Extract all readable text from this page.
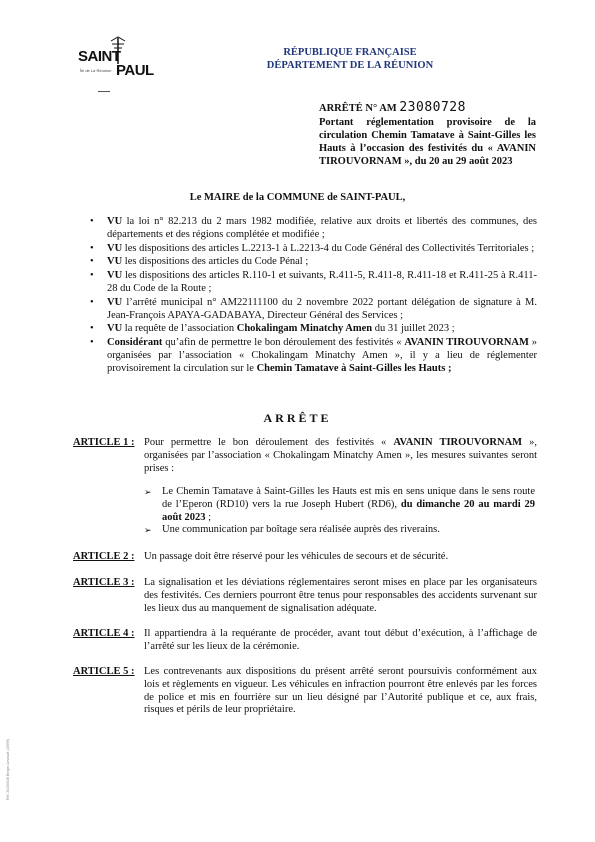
SAINT
Île de La Réunion PAUL
RÉPUBLIQUE FRANÇAISE
DÉPARTEMENT DE LA RÉUNION
ARRÊTÉ N° AM 23080728
Portant réglementation provisoire de la circulation Chemin Tamatave à Saint-Gilles les Hauts à l’occasion des festivités du « AVANIN TIROUVORNAM », du 20 au 29 août 2023
Le MAIRE de la COMMUNE de SAINT-PAUL,
• VU la loi n° 82.213 du 2 mars 1982 modifiée, relative aux droits et libertés des communes, des départements et des régions complétée et modifiée ;
• VU les dispositions des articles L.2213-1 à L.2213-4 du Code Général des Collectivités Territoriales ;
• VU les dispositions des articles du Code Pénal ;
• VU les dispositions des articles R.110-1 et suivants, R.411-5, R.411-8, R.411-18 et R.411-25 à R.411-28 du Code de la Route ;
• VU l’arrêté municipal n° AM22111100 du 2 novembre 2022 portant délégation de signature à M. Jean-François APAYA-GADABAYA, Directeur Général des Services ;
• VU la requête de l’association Chokalingam Minatchy Amen du 31 juillet 2023 ;
• Considérant qu’afin de permettre le bon déroulement des festivités « AVANIN TIROUVORNAM » organisées par l’association « Chokalingam Minatchy Amen », il y a lieu de réglementer provisoirement la circulation sur le Chemin Tamatave à Saint-Gilles les Hauts ;
ARRÊTE
ARTICLE 1 : Pour permettre le bon déroulement des festivités « AVANIN TIROUVORNAM », organisées par l’association « Chokalingam Minatchy Amen », les mesures suivantes seront prises :
➢ Le Chemin Tamatave à Saint-Gilles les Hauts est mis en sens unique dans le sens route de l’Eperon (RD10) vers la rue Joseph Hubert (RD6), du dimanche 20 au mardi 29 août 2023 ;
➢ Une communication par boîtage sera réalisée auprès des riverains.
ARTICLE 2 : Un passage doit être réservé pour les véhicules de secours et de sécurité.
ARTICLE 3 : La signalisation et les déviations réglementaires seront mises en place par les organisateurs des festivités. Ces derniers pourront être tenus pour responsables des accidents survenant sur les lieux dus au manquement de signalisation adéquate.
ARTICLE 4 : Il appartiendra à la requérante de procéder, avant tout début d’exécution, à l’affichage de l’arrêté sur les lieux de la cérémonie.
ARTICLE 5 : Les contrevenants aux dispositions du présent arrêté seront poursuivis conformément aux lois et règlements en vigueur. Les véhicules en infraction pourront être enlevés par les forces de police et mis en fourrière sur un lieu désigné par l’Autorité publique et ce, aux frais, risques et périls de leur propriétaire.
Réf. 20150628 Berger-Levrault (10699)
